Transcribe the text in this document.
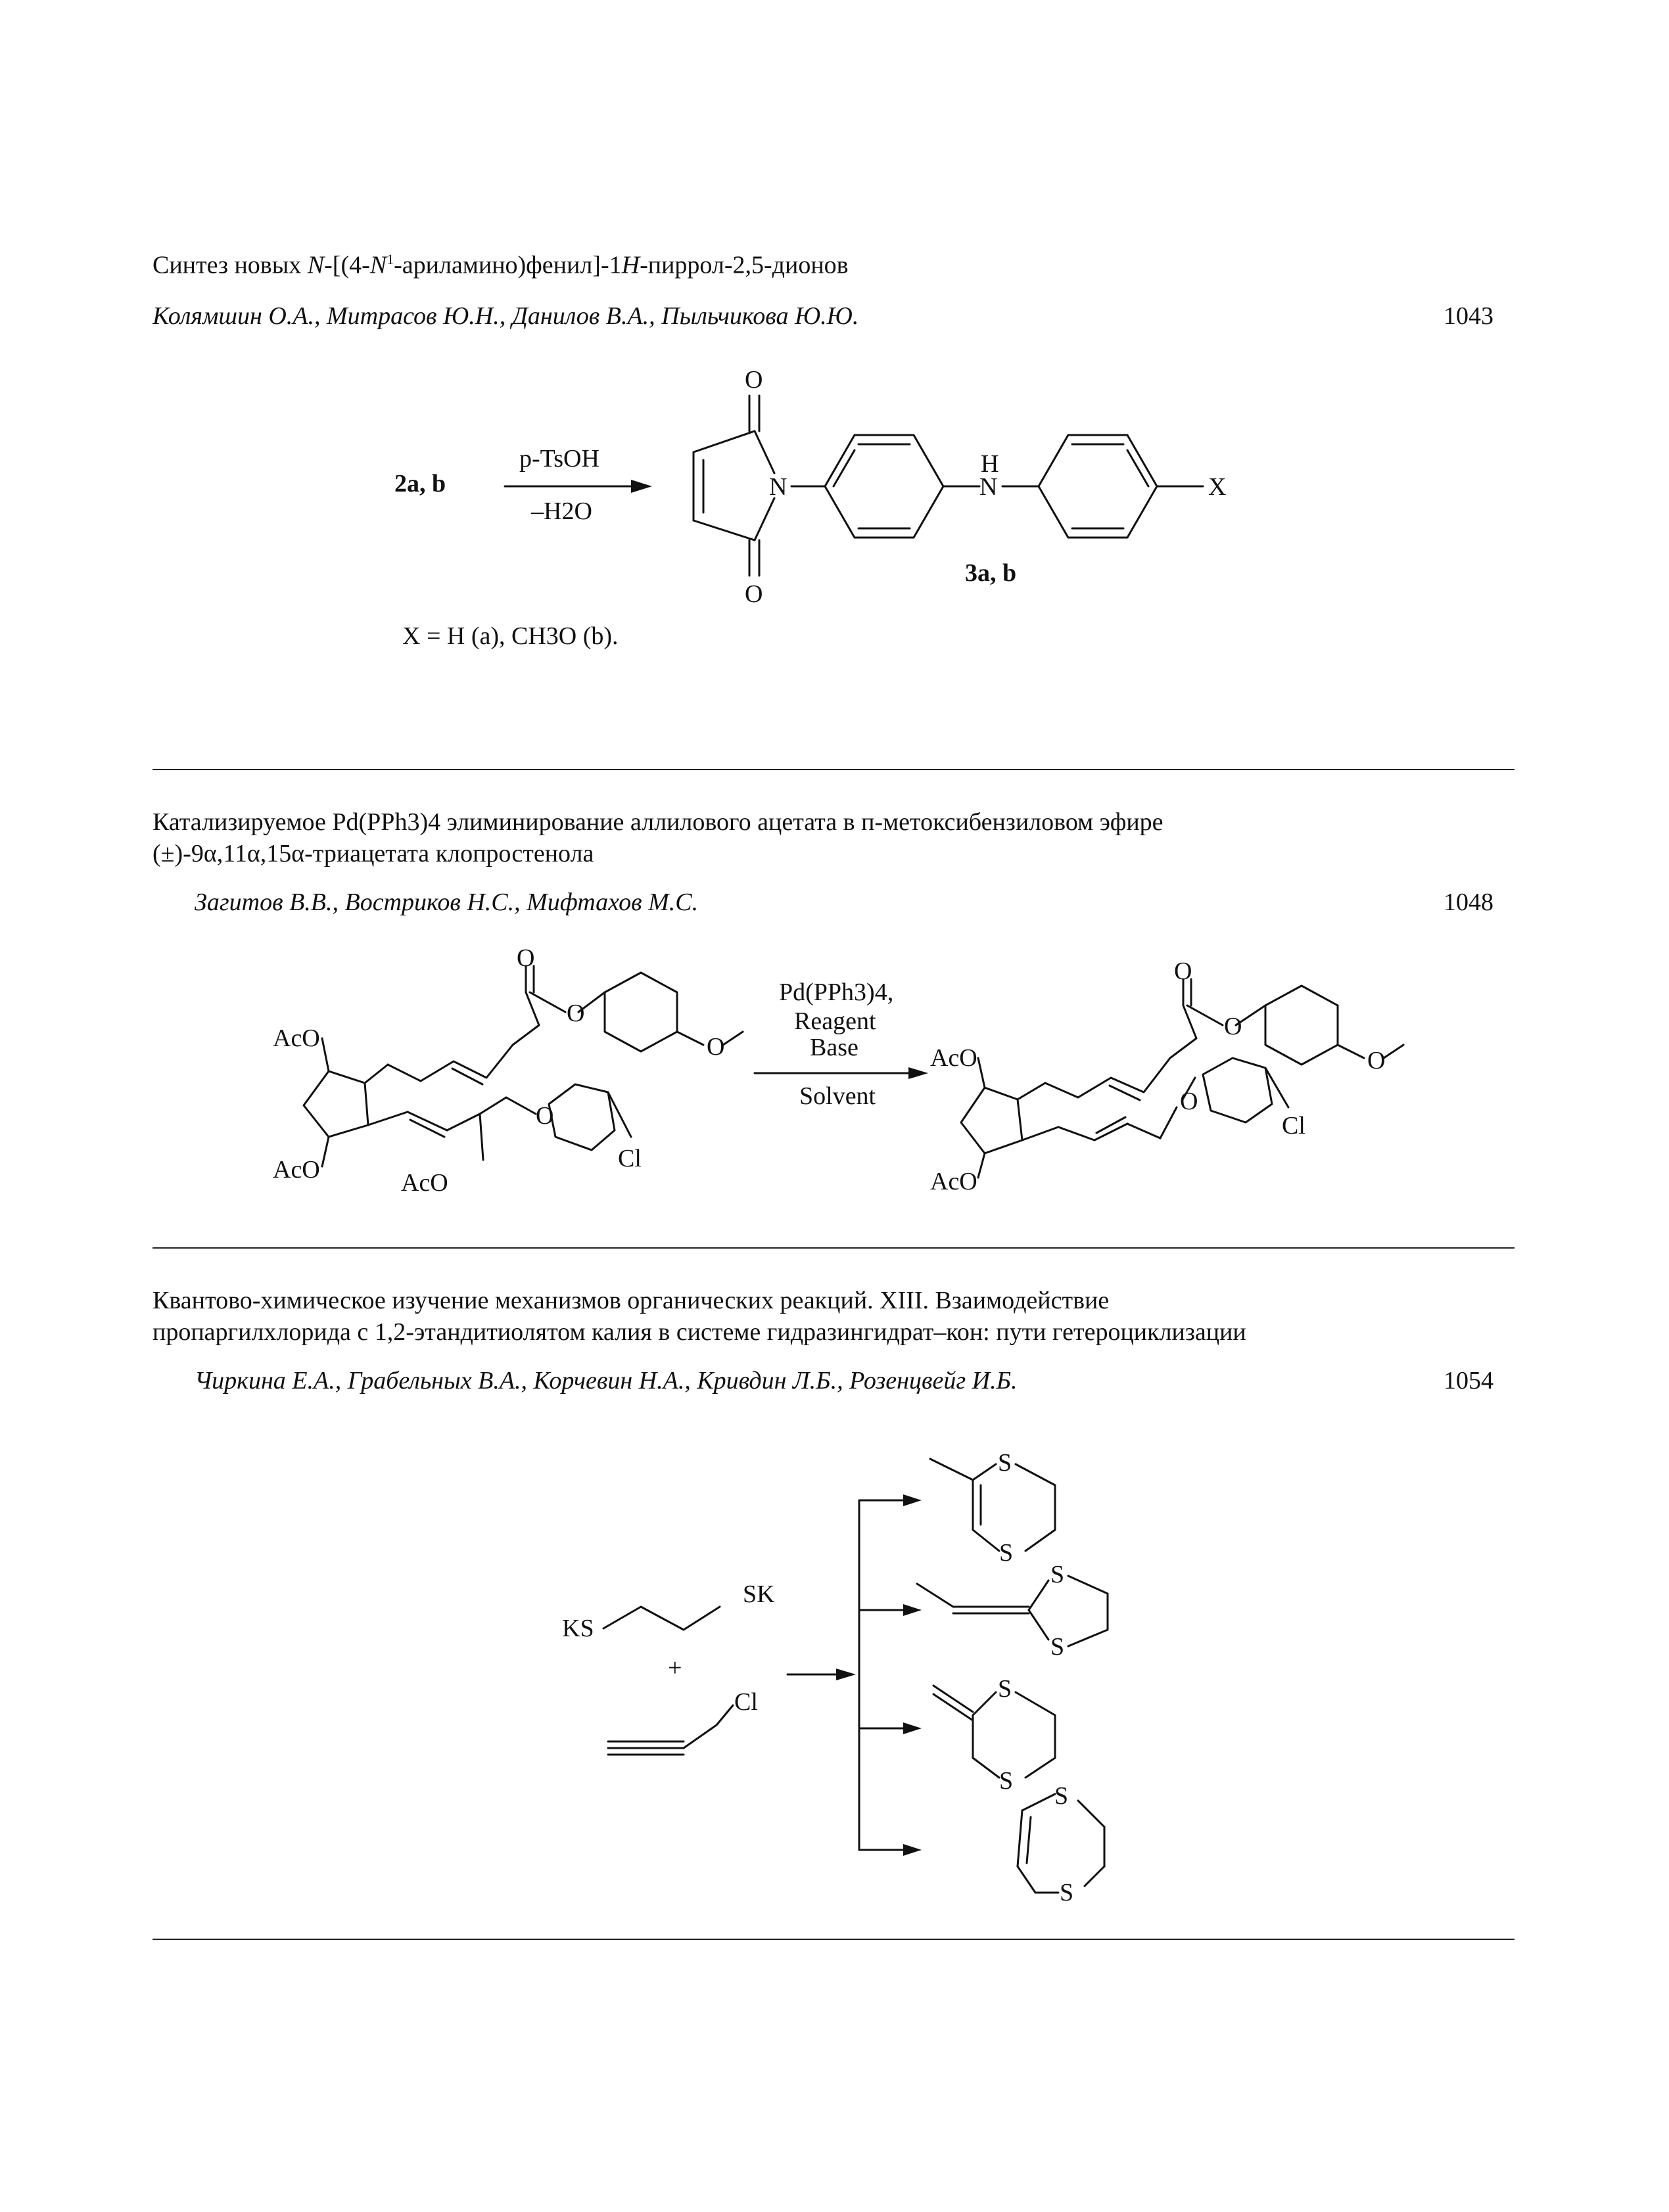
Синтез новых $N-[(4-N^1-ариламино)фенил]-1H-пиррол-2,5$-дионов
Колямшин О.А., Митрасов Ю.Н., Данилов В.А., Пыльчикова Ю.Ю.	1043
2a, b
p-TsOH
–H2O
O
O
N
H
N	X
3a, b
X = H (a), CH3O (b).
Катализируемое Pd(PPh3)4 элиминирование аллилового ацетата в п-метоксибензиловом эфире
(±)-9α,11α,15α-триацетата клопростенола
Загитов В.В., Востриков Н.С., Мифтахов М.С.	1048
AcO
AcO	AcO
O
O
O
O
Cl
Pd(PPh3)4,
Reagent
Base
Solvent
AcO
AcO
O
O
O
O
Cl
Квантово-химическое изучение механизмов органических реакций. XIII. Взаимодействие
пропаргилхлорида с 1,2-этандитиолятом калия в системе гидразингидрат–кон: пути гетероциклизации
Чиркина Е.А., Грабельных В.А., Корчевин Н.А., Кривдин Л.Б., Розенцвейг И.Б.	1054
KS
SK
+
Cl
S
S
S
S
S
S
S
S
